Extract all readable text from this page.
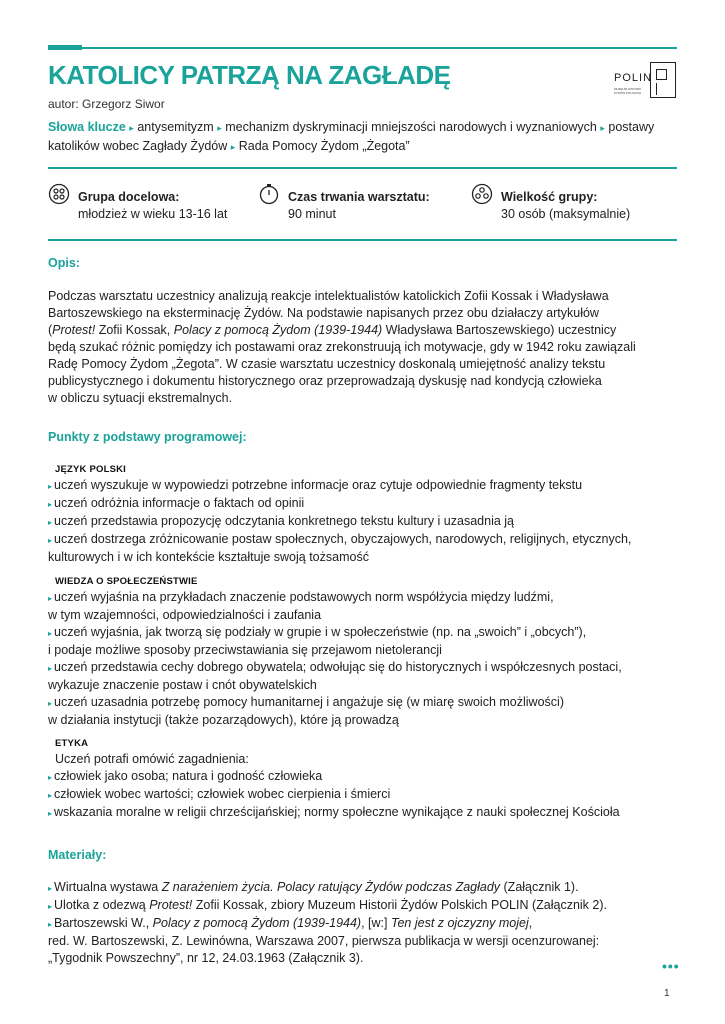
KATOLICY PATRZĄ NA ZAGŁADĘ
autor: Grzegorz Siwor
POLIN
MUZEUM HISTORII ŻYDÓW POLSKICH
Słowa klucze ▸ antysemityzm ▸ mechanizm dyskryminacji mniejszości narodowych i wyznaniowych ▸ postawy katolików wobec Zagłady Żydów ▸ Rada Pomocy Żydom „Żegota”
Grupa docelowa:
młodzież w wieku 13-16 lat
Czas trwania warsztatu:
90 minut
Wielkość grupy:
30 osób (maksymalnie)
Opis:
Podczas warsztatu uczestnicy analizują reakcje intelektualistów katolickich Zofii Kossak i Władysława
Bartoszewskiego na eksterminację Żydów. Na podstawie napisanych przez obu działaczy artykułów
(Protest! Zofii Kossak, Polacy z pomocą Żydom (1939-1944) Władysława Bartoszewskiego) uczestnicy
będą szukać różnic pomiędzy ich postawami oraz zrekonstruują ich motywacje, gdy w 1942 roku zawiązali
Radę Pomocy Żydom „Żegota”. W czasie warsztatu uczestnicy doskonalą umiejętność analizy tekstu
publicystycznego i dokumentu historycznego oraz przeprowadzają dyskusję nad kondycją człowieka
w obliczu sytuacji ekstremalnych.
Punkty z podstawy programowej:
JĘZYK POLSKI
▸ uczeń wyszukuje w wypowiedzi potrzebne informacje oraz cytuje odpowiednie fragmenty tekstu
▸ uczeń odróżnia informacje o faktach od opinii
▸ uczeń przedstawia propozycję odczytania konkretnego tekstu kultury i uzasadnia ją
▸ uczeń dostrzega zróżnicowanie postaw społecznych, obyczajowych, narodowych, religijnych, etycznych,
kulturowych i w ich kontekście kształtuje swoją tożsamość
WIEDZA O SPOŁECZEŃSTWIE
▸ uczeń wyjaśnia na przykładach znaczenie podstawowych norm współżycia między ludźmi,
w tym wzajemności, odpowiedzialności i zaufania
▸ uczeń wyjaśnia, jak tworzą się podziały w grupie i w społeczeństwie (np. na „swoich” i „obcych”),
i podaje możliwe sposoby przeciwstawiania się przejawom nietolerancji
▸ uczeń przedstawia cechy dobrego obywatela; odwołując się do historycznych i współczesnych postaci,
wykazuje znaczenie postaw i cnót obywatelskich
▸ uczeń uzasadnia potrzebę pomocy humanitarnej i angażuje się (w miarę swoich możliwości)
w działania instytucji (także pozarządowych), które ją prowadzą
ETYKA
Uczeń potrafi omówić zagadnienia:
▸ człowiek jako osoba; natura i godność człowieka
▸ człowiek wobec wartości; człowiek wobec cierpienia i śmierci
▸ wskazania moralne w religii chrześcijańskiej; normy społeczne wynikające z nauki społecznej Kościoła
Materiały:
▸ Wirtualna wystawa Z narażeniem życia. Polacy ratujący Żydów podczas Zagłady (Załącznik 1).
▸ Ulotka z odezwą Protest! Zofii Kossak, zbiory Muzeum Historii Żydów Polskich POLIN (Załącznik 2).
▸ Bartoszewski W., Polacy z pomocą Żydom (1939-1944), [w:] Ten jest z ojczyzny mojej,
red. W. Bartoszewski, Z. Lewinówna, Warszawa 2007, pierwsza publikacja w wersji ocenzurowanej:
„Tygodnik Powszechny”, nr 12, 24.03.1963 (Załącznik 3).	•••
1
